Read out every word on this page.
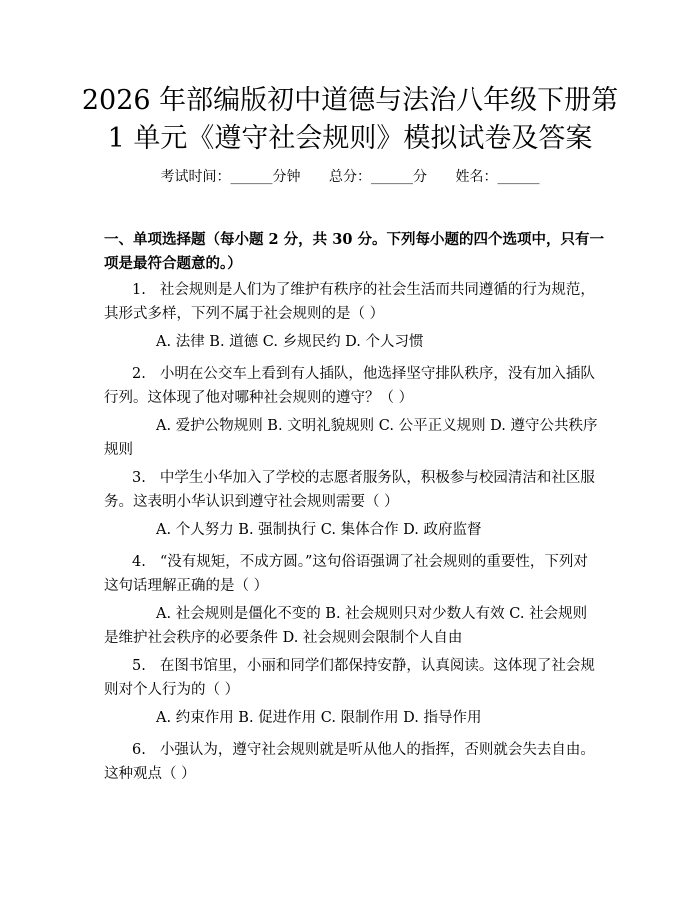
2026 年部编版初中道德与法治八年级下册第
1 单元《遵守社会规则》模拟试卷及答案
考试时间：______分钟 总分：______分 姓名：______

一、单项选择题（每小题 2 分，共 30 分。下列每小题的四个选项中，只有一项是最符合题意的。）

1. 社会规则是人们为了维护有秩序的社会生活而共同遵循的行为规范，其形式多样，下列不属于社会规则的是（ ）

A. 法律 B. 道德 C. 乡规民约 D. 个人习惯

2. 小明在公交车上看到有人插队，他选择坚守排队秩序，没有加入插队行列。这体现了他对哪种社会规则的遵守？（ ）

A. 爱护公物规则 B. 文明礼貌规则 C. 公平正义规则 D. 遵守公共秩序规则

3. 中学生小华加入了学校的志愿者服务队，积极参与校园清洁和社区服务。这表明小华认识到遵守社会规则需要（ ）

A. 个人努力 B. 强制执行 C. 集体合作 D. 政府监督

4. “没有规矩，不成方圆。”这句俗语强调了社会规则的重要性，下列对这句话理解正确的是（ ）

A. 社会规则是僵化不变的 B. 社会规则只对少数人有效 C. 社会规则是维护社会秩序的必要条件 D. 社会规则会限制个人自由

5. 在图书馆里，小丽和同学们都保持安静，认真阅读。这体现了社会规则对个人行为的（ ）

A. 约束作用 B. 促进作用 C. 限制作用 D. 指导作用

6. 小强认为，遵守社会规则就是听从他人的指挥，否则就会失去自由。这种观点（ ）
